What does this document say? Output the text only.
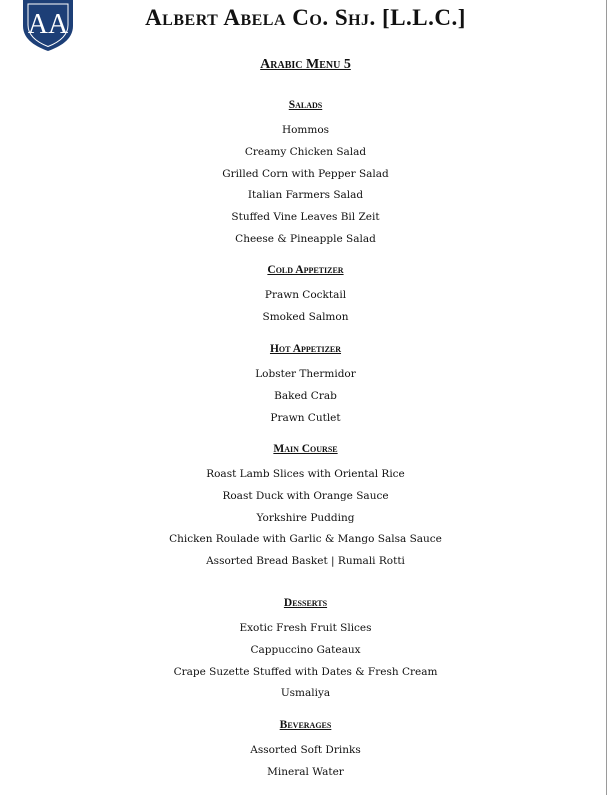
AA	Albert Abela Co. Shj. [L.L.C.]
Arabic Menu 5
Salads
Hommos
Creamy Chicken Salad
Grilled Corn with Pepper Salad
Italian Farmers Salad
Stuffed Vine Leaves Bil Zeit
Cheese & Pineapple Salad
Cold Appetizer
Prawn Cocktail
Smoked Salmon
Hot Appetizer
Lobster Thermidor
Baked Crab
Prawn Cutlet
Main Course
Roast Lamb Slices with Oriental Rice
Roast Duck with Orange Sauce
Yorkshire Pudding
Chicken Roulade with Garlic & Mango Salsa Sauce
Assorted Bread Basket | Rumali Rotti
Desserts
Exotic Fresh Fruit Slices
Cappuccino Gateaux
Crape Suzette Stuffed with Dates & Fresh Cream
Usmaliya
Beverages
Assorted Soft Drinks
Mineral Water
